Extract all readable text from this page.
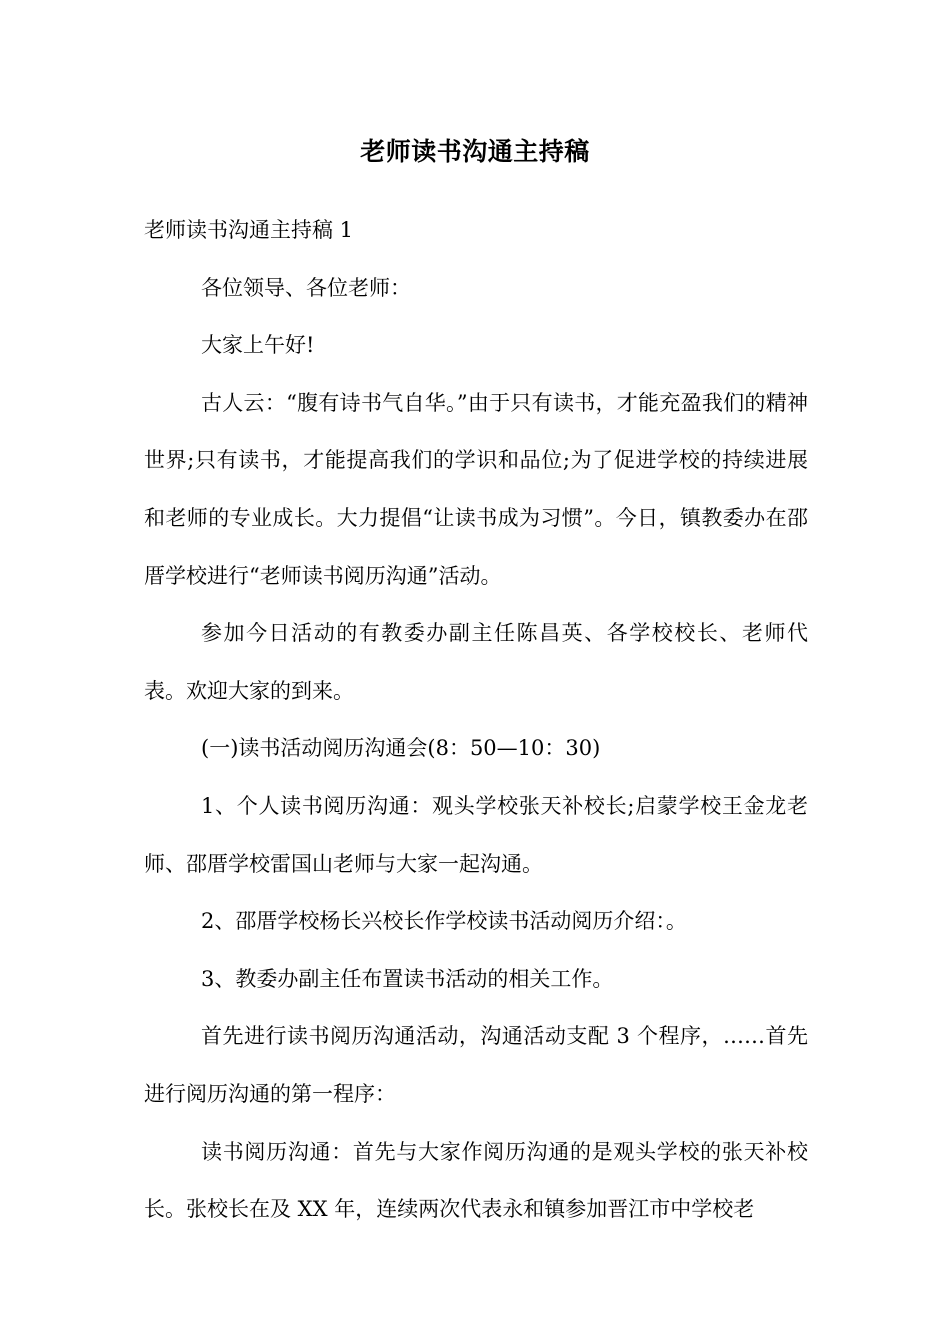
老师读书沟通主持稿

老师读书沟通主持稿 1

各位领导、各位老师：

大家上午好!

古人云：“腹有诗书气自华。”由于只有读书，才能充盈我们的精神世界;只有读书，才能提高我们的学识和品位;为了促进学校的持续进展和老师的专业成长。大力提倡“让读书成为习惯”。今日，镇教委办在邵厝学校进行“老师读书阅历沟通”活动。

参加今日活动的有教委办副主任陈昌英、各学校校长、老师代表。欢迎大家的到来。

(一)读书活动阅历沟通会(8：50—10：30)

1、个人读书阅历沟通：观头学校张天补校长;启蒙学校王金龙老师、邵厝学校雷国山老师与大家一起沟通。

2、邵厝学校杨长兴校长作学校读书活动阅历介绍：。

3、教委办副主任布置读书活动的相关工作。

首先进行读书阅历沟通活动，沟通活动支配 3 个程序，……首先进行阅历沟通的第一程序：

读书阅历沟通：首先与大家作阅历沟通的是观头学校的张天补校长。张校长在及 XX 年，连续两次代表永和镇参加晋江市中学校老
